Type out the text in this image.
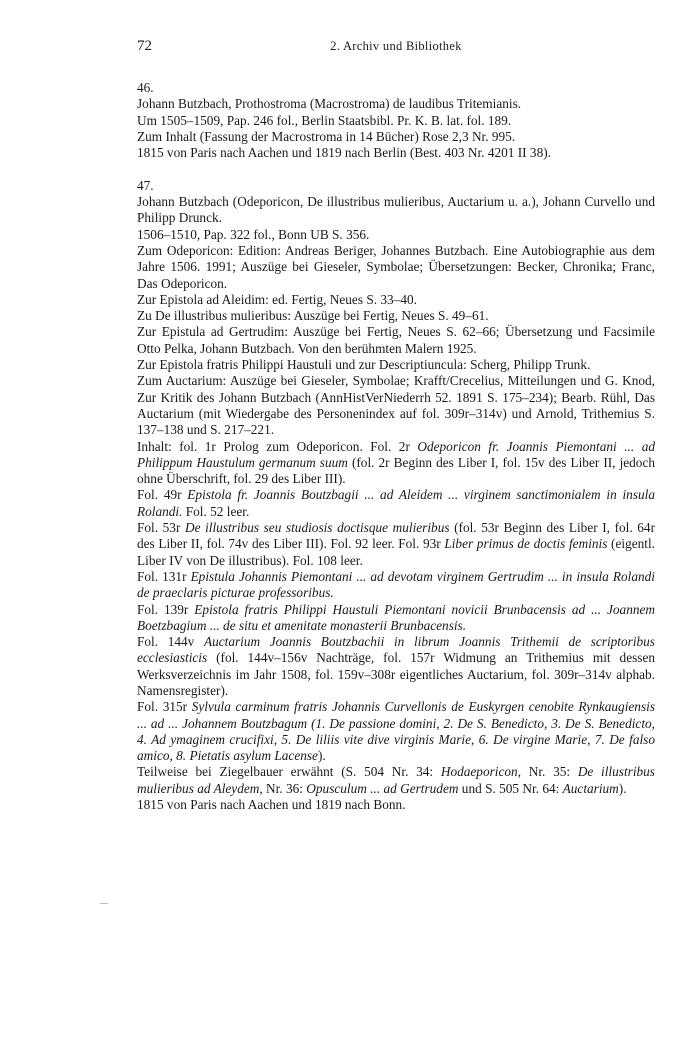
72	2. Archiv und Bibliothek
46.
Johann Butzbach, Prothostroma (Macrostroma) de laudibus Tritemianis.
Um 1505–1509, Pap. 246 fol., Berlin Staatsbibl. Pr. K. B. lat. fol. 189.
Zum Inhalt (Fassung der Macrostroma in 14 Bücher) Rose 2,3 Nr. 995.
1815 von Paris nach Aachen und 1819 nach Berlin (Best. 403 Nr. 4201 II 38).
47.
Johann Butzbach (Odeporicon, De illustribus mulieribus, Auctarium u. a.), Johann Curvello und Philipp Drunck.
1506–1510, Pap. 322 fol., Bonn UB S. 356.
Zum Odeporicon: Edition: Andreas Beriger, Johannes Butzbach. Eine Autobiographie aus dem Jahre 1506. 1991; Auszüge bei Gieseler, Symbolae; Übersetzungen: Becker, Chronika; Franc, Das Odeporicon.
Zur Epistola ad Aleidim: ed. Fertig, Neues S. 33–40.
Zu De illustribus mulieribus: Auszüge bei Fertig, Neues S. 49–61.
Zur Epistula ad Gertrudim: Auszüge bei Fertig, Neues S. 62–66; Übersetzung und Facsimile Otto Pelka, Johann Butzbach. Von den berühmten Malern 1925.
Zur Epistola fratris Philippi Haustuli und zur Descriptiuncula: Scherg, Philipp Trunk.
Zum Auctarium: Auszüge bei Gieseler, Symbolae; Krafft/Crecelius, Mitteilungen und G. Knod, Zur Kritik des Johann Butzbach (AnnHistVerNiederrh 52. 1891 S. 175–234); Bearb. Rühl, Das Auctarium (mit Wiedergabe des Personenindex auf fol. 309r–314v) und Arnold, Trithemius S. 137–138 und S. 217–221.
Inhalt: fol. 1r Prolog zum Odeporicon. Fol. 2r Odeporicon fr. Joannis Piemontani ... ad Philippum Haustulum germanum suum (fol. 2r Beginn des Liber I, fol. 15v des Liber II, jedoch ohne Überschrift, fol. 29 des Liber III).
Fol. 49r Epistola fr. Joannis Boutzbagii ... ad Aleidem ... virginem sanctimonialem in insula Rolandi. Fol. 52 leer.
Fol. 53r De illustribus seu studiosis doctisque mulieribus (fol. 53r Beginn des Liber I, fol. 64r des Liber II, fol. 74v des Liber III). Fol. 92 leer. Fol. 93r Liber primus de doctis feminis (eigentl. Liber IV von De illustribus). Fol. 108 leer.
Fol. 131r Epistula Johannis Piemontani ... ad devotam virginem Gertrudim ... in insula Rolandi de praeclaris picturae professoribus.
Fol. 139r Epistola fratris Philippi Haustuli Piemontani novicii Brunbacensis ad ... Joannem Boetzbagium ... de situ et amenitate monasterii Brunbacensis.
Fol. 144v Auctarium Joannis Boutzbachii in librum Joannis Trithemii de scriptoribus ecclesiasticis (fol. 144v–156v Nachträge, fol. 157r Widmung an Trithemius mit dessen Werksverzeichnis im Jahr 1508, fol. 159v–308r eigentliches Auctarium, fol. 309r–314v alphab. Namensregister).
Fol. 315r Sylvula carminum fratris Johannis Curvellonis de Euskyrgen cenobite Rynkaugiensis ... ad ... Johannem Boutzbagum (1. De passione domini, 2. De S. Benedicto, 3. De S. Benedicto, 4. Ad ymaginem crucifixi, 5. De liliis vite dive virginis Marie, 6. De virgine Marie, 7. De falso amico, 8. Pietatis asylum Lacense).
Teilweise bei Ziegelbauer erwähnt (S. 504 Nr. 34: Hodaeporicon, Nr. 35: De illustribus mulieribus ad Aleydem, Nr. 36: Opusculum ... ad Gertrudem und S. 505 Nr. 64: Auctarium).
1815 von Paris nach Aachen und 1819 nach Bonn.
